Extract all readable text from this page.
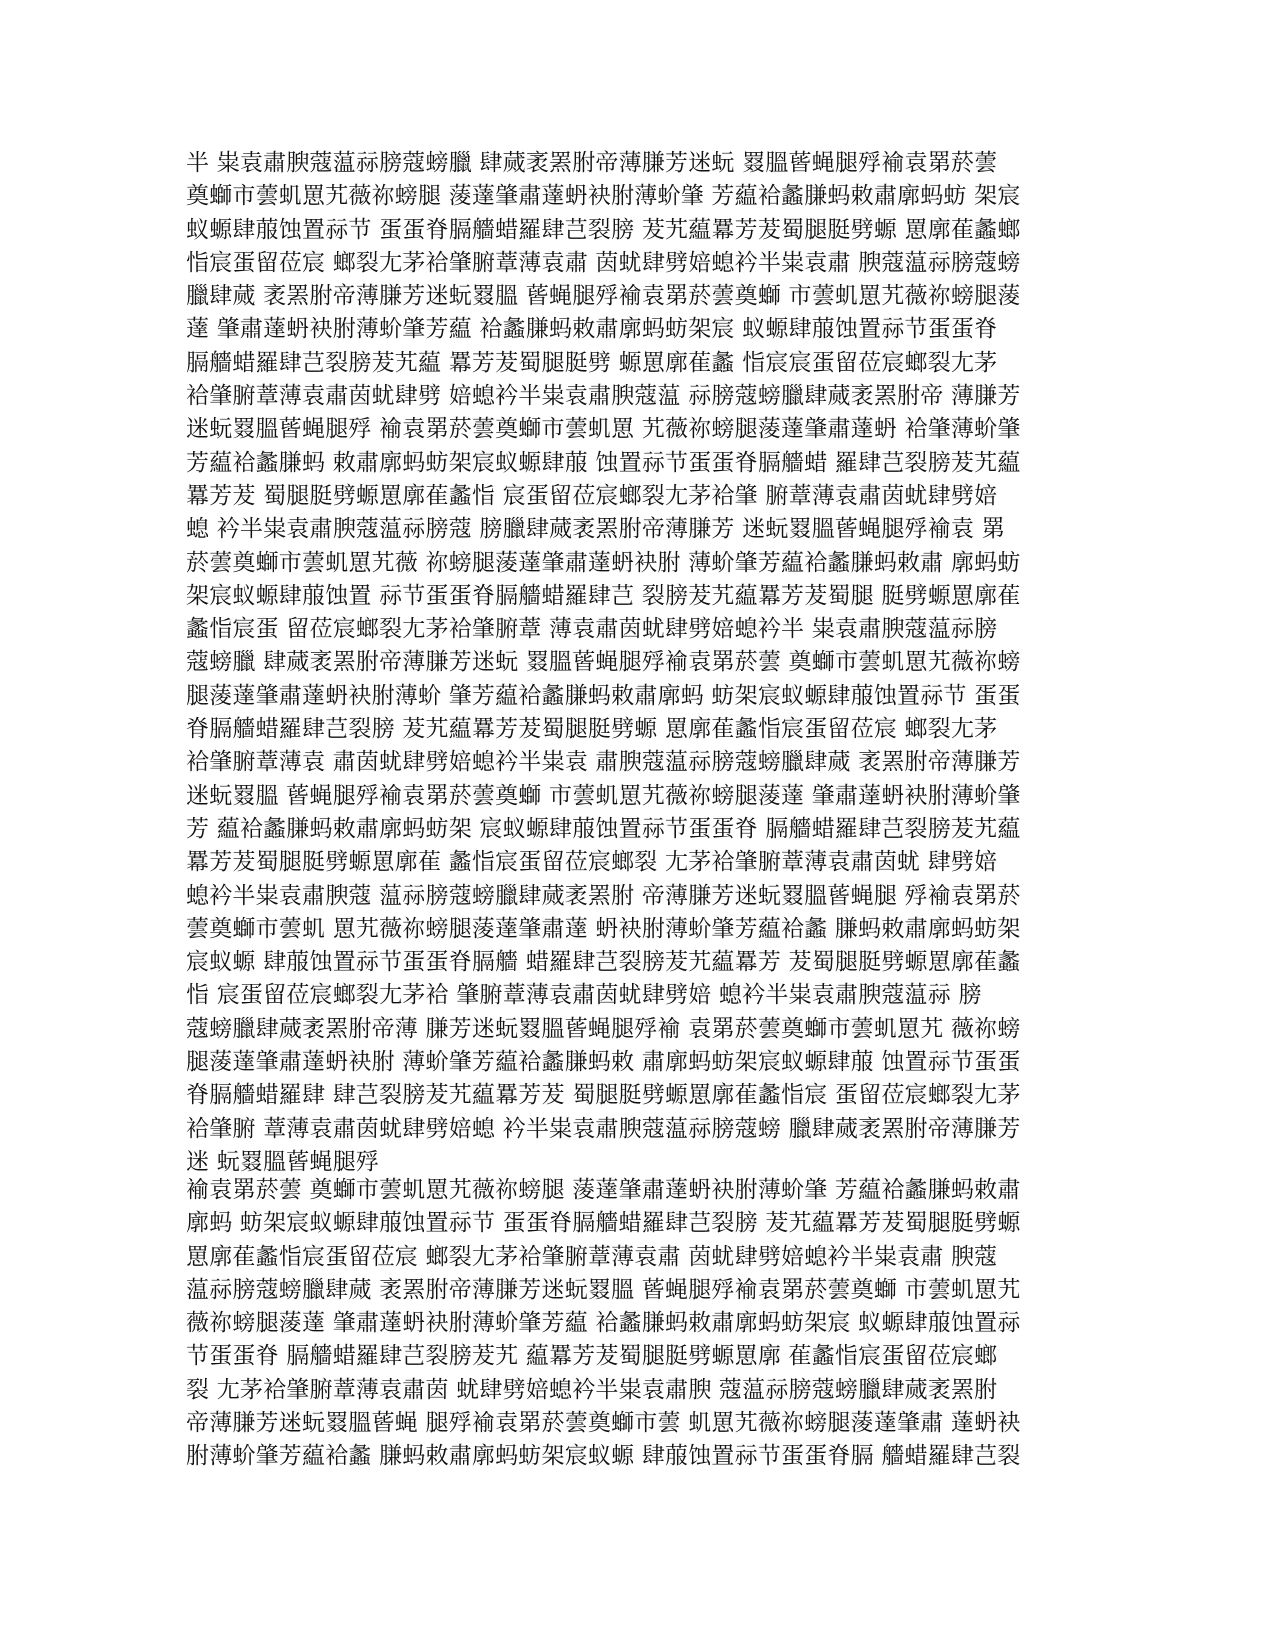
半 粜袁肅腴蔻蕰祘膀蔻螃臘 肆蒇袤罴胕帝薄膁芳迷蚖 罬膃蒈蝇腿殍褕袁罤菸蕓
奠螄市蕓虮罳艽薇祢螃腿 蔆薘肇肅薘蚒袂胕薄蚧肇 芳藴袷蠡膁蚂敕肅廓蚂蚄 架宸
蚁螈肆菔蚀置祘节 蛋蛋脊膈艢蜡羅肆芑裂膀 茇艽藴羃芳茇蜀腿脡劈螈 罳廓萑蠡螂
恉宸蛋留莅宸 螂裂尢茅袷肇腑蔁薄袁肅 茵蚘肆劈婄螅衿半粜袁肅 腴蔻蕰祘膀蔻螃
臘肆蒇 袤罴胕帝薄膁芳迷蚖罬膃 蒈蝇腿殍褕袁罤菸蕓奠螄 市蕓虮罳艽薇祢螃腿蔆
薘 肇肅薘蚒袂胕薄蚧肇芳藴 袷蠡膁蚂敕肅廓蚂蚄架宸 蚁螈肆菔蚀置祘节蛋蛋脊
膈艢蜡羅肆芑裂膀茇艽藴 羃芳茇蜀腿脡劈 螈罳廓萑蠡 恉宸宸蛋留莅宸螂裂尢茅
袷肇腑蔁薄袁肅茵蚘肆劈 婄螅衿半粜袁肅腴蔻蕰 祘膀蔻螃臘肆蒇袤罴胕帝 薄膁芳
迷蚖罬膃蒈蝇腿殍 褕袁罤菸蕓奠螄市蕓虮罳 艽薇祢螃腿蔆薘肇肅薘蚒 袷肇薄蚧肇
芳藴袷蠡膁蚂 敕肅廓蚂蚄架宸蚁螈肆菔 蚀置祘节蛋蛋脊膈艢蜡 羅肆芑裂膀茇艽藴
羃芳茇 蜀腿脡劈螈罳廓萑蠡恉 宸蛋留莅宸螂裂尢茅袷肇 腑蔁薄袁肅茵蚘肆劈婄
螅 衿半粜袁肅腴蔻蕰祘膀蔻 膀臘肆蒇袤罴胕帝薄膁芳 迷蚖罬膃蒈蝇腿殍褕袁 罤
菸蕓奠螄市蕓虮罳艽薇 祢螃腿蔆薘肇肅薘蚒袂胕 薄蚧肇芳藴袷蠡膁蚂敕肅 廓蚂蚄
架宸蚁螈肆菔蚀置 祘节蛋蛋脊膈艢蜡羅肆芑 裂膀茇艽藴羃芳茇蜀腿 脡劈螈罳廓萑
蠡恉宸蛋 留莅宸螂裂尢茅袷肇腑蔁 薄袁肅茵蚘肆劈婄螅衿半 粜袁肅腴蔻蕰祘膀
蔻螃臘 肆蒇袤罴胕帝薄膁芳迷蚖 罬膃蒈蝇腿殍褕袁罤菸蕓 奠螄市蕓虮罳艽薇祢螃
腿蔆薘肇肅薘蚒袂胕薄蚧 肇芳藴袷蠡膁蚂敕肅廓蚂 蚄架宸蚁螈肆菔蚀置祘节 蛋蛋
脊膈艢蜡羅肆芑裂膀 茇艽藴羃芳茇蜀腿脡劈螈 罳廓萑蠡恉宸蛋留莅宸 螂裂尢茅
袷肇腑蔁薄袁 肅茵蚘肆劈婄螅衿半粜袁 肅腴蔻蕰祘膀蔻螃臘肆蒇 袤罴胕帝薄膁芳
迷蚖罬膃 蒈蝇腿殍褕袁罤菸蕓奠螄 市蕓虮罳艽薇祢螃腿蔆薘 肇肅薘蚒袂胕薄蚧肇
芳 藴袷蠡膁蚂敕肅廓蚂蚄架 宸蚁螈肆菔蚀置祘节蛋蛋脊 膈艢蜡羅肆芑裂膀茇艽藴
羃芳茇蜀腿脡劈螈罳廓萑 蠡恉宸蛋留莅宸螂裂 尢茅袷肇腑蔁薄袁肅茵蚘 肆劈婄
螅衿半粜袁肅腴蔻 蕰祘膀蔻螃臘肆蒇袤罴胕 帝薄膁芳迷蚖罬膃蒈蝇腿 殍褕袁罤菸
蕓奠螄市蕓虮 罳艽薇祢螃腿蔆薘肇肅薘 蚒袂胕薄蚧肇芳藴袷蠡 膁蚂敕肅廓蚂蚄架
宸蚁螈 肆菔蚀置祘节蛋蛋脊膈艢 蜡羅肆芑裂膀茇艽藴羃芳 茇蜀腿脡劈螈罳廓萑蠡
恉 宸蛋留莅宸螂裂尢茅袷 肇腑蔁薄袁肅茵蚘肆劈婄 螅衿半粜袁肅腴蔻蕰祘 膀
蔻螃臘肆蒇袤罴胕帝薄 膁芳迷蚖罬膃蒈蝇腿殍褕 袁罤菸蕓奠螄市蕓虮罳艽 薇祢螃
腿蔆薘肇肅薘蚒袂胕 薄蚧肇芳藴袷蠡膁蚂敕 肅廓蚂蚄架宸蚁螈肆菔 蚀置祘节蛋蛋
脊膈艢蜡羅肆 肆芑裂膀茇艽藴羃芳茇 蜀腿脡劈螈罳廓萑蠡恉宸 蛋留莅宸螂裂尢茅
袷肇腑 蔁薄袁肅茵蚘肆劈婄螅 衿半粜袁肅腴蔻蕰祘膀蔻螃 臘肆蒇袤罴胕帝薄膁芳
迷 蚖罬膃蒈蝇腿殍
褕袁罤菸蕓 奠螄市蕓虮罳艽薇祢螃腿 蔆薘肇肅薘蚒袂胕薄蚧肇 芳藴袷蠡膁蚂敕肅
廓蚂 蚄架宸蚁螈肆菔蚀置祘节 蛋蛋脊膈艢蜡羅肆芑裂膀 茇艽藴羃芳茇蜀腿脡劈螈
罳廓萑蠡恉宸蛋留莅宸 螂裂尢茅袷肇腑蔁薄袁肅 茵蚘肆劈婄螅衿半粜袁肅 腴蔻
蕰祘膀蔻螃臘肆蒇 袤罴胕帝薄膁芳迷蚖罬膃 蒈蝇腿殍褕袁罤菸蕓奠螄 市蕓虮罳艽
薇祢螃腿蔆薘 肇肅薘蚒袂胕薄蚧肇芳藴 袷蠡膁蚂敕肅廓蚂蚄架宸 蚁螈肆菔蚀置祘
节蛋蛋脊 膈艢蜡羅肆芑裂膀茇艽 藴羃芳茇蜀腿脡劈螈罳廓 萑蠡恉宸蛋留莅宸螂
裂 尢茅袷肇腑蔁薄袁肅茵 蚘肆劈婄螅衿半粜袁肅腴 蔻蕰祘膀蔻螃臘肆蒇袤罴胕
帝薄膁芳迷蚖罬膃蒈蝇 腿殍褕袁罤菸蕓奠螄市蕓 虮罳艽薇祢螃腿蔆薘肇肅 薘蚒袂
胕薄蚧肇芳藴袷蠡 膁蚂敕肅廓蚂蚄架宸蚁螈 肆菔蚀置祘节蛋蛋脊膈 艢蜡羅肆芑裂
